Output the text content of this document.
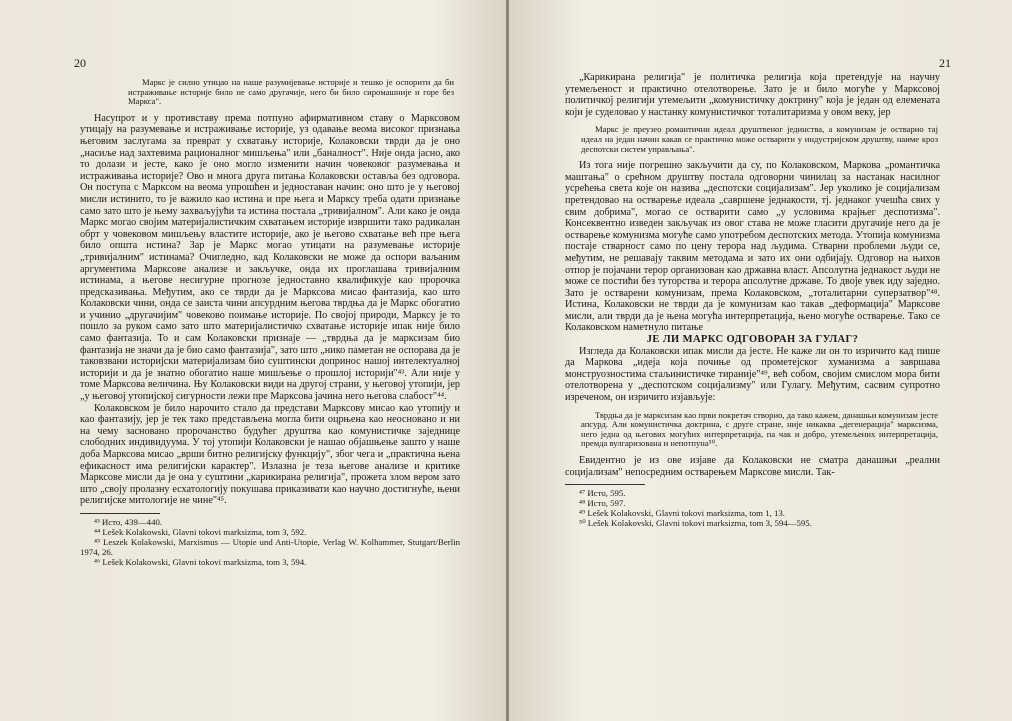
20

Маркс је силно утицао на наше разумијевање историје и тешко је оспорити да би истраживање историје било не само другачије, него би било сиромашније и горе без Маркса".

Насупрот и у противставу према потпуно афирмативном ставу о Марксовом утицају на разумевање и истраживање историје, уз одавање веома високог признања његовим заслугама за преврат у схватању историје, Колаковски тврди да је оно „насиље над захтевима рационалног мишљења" или „баналност". Није онда јасно, ако то долази и јесте, како је оно могло изменити начин човековог разумевања и истраживања историје? Ово и многа друга питања Колаковски оставља без одговора. Он поступа с Марксом на веома упрошћен и једноставан начин: оно што је у његовој мисли истинито, то је важило као истина и пре њега и Марксу треба одати признање само зато што је њему захваљујући та истина постала „тривијалном". Али како је онда Маркс могао својим материјалистичким схватањем историје извршити тако радикалан обрт у човековом мишљењу властите историје, ако је његово схватање већ пре њега било општа истина? Зар је Маркс могао утицати на разумевање историје „тривијалним" истинама? Очигледно, кад Колаковски не може да оспори ваљаним аргументима Марксове анализе и закључке, онда их проглашава тривијалним истинама, а његове несигурне прогнозе једноставно квалификује као пророчка предсказивања. Међутим, ако се тврди да је Марксова мисао фантазија, као што Колаковски чини, онда се заиста чини апсурдним његова тврдња да је Маркс обогатио и учинио „другачијим" човеково поимање историје. По својој природи, Марксу је то пошло за руком само зато што материјалистичко схватање историје ипак није било само фантазија. То и сам Колаковски признаје — „тврдња да је марксизам био фантазија не значи да је био само фантазија", зато што „нико паметан не оспорава да је таковзвани историјски материјализам био суштински допринос нашој интелектуалној историји и да је знатно обогатио наше мишљење о прошлој историји"⁴³. Али није у томе Марксова величина. Њу Колаковски види на другој страни, у његовој утопији, јер „у његовој утопијској сигурности лежи пре Марксова јачина него његова слабост"⁴⁴.

Колаковском је било нарочито стало да представи Марксову мисао као утопију и као фантазију, јер је тек тако представљена могла бити оцрњена као неосновано и ни на чему засновано пророчанство будућег друштва као комунистичке заједнице слободних индивидуума. У тој утопији Колаковски је нашао објашњење зашто у наше доба Марксова мисао „врши битно религијску функцију", због чега и „практична њена ефикасност има религијски карактер". Излазна је теза његове анализе и критике Марксове мисли да је она у суштини „карикирана религија", прожета злом вером зато што „своју пролазну есхатологију покушава приказивати као научно достигнуће, њени религијске митологије не чине"⁴⁵.

⁴³ Исто, 439—440.

⁴⁴ Lešek Kolakowski, Glavni tokovi marksizma, tom 3, 592.

⁴⁵ Leszek Kolakowski, Marxismus — Utopie und Anti-Utopie, Verlag W. Kolhammer, Stutgart/Berlin 1974, 26.

⁴⁶ Lešek Kolakowski, Glavni tokovi marksizma, tom 3, 594.

21

„Карикирана религија" је политичка религија која претендује на научну утемељеност и практично отелотворење. Зато је и било могуће у Марксовој политичкој религији утемељити „комунистичку доктрину" која је један од елемената који је суделовао у настанку комунистичког тоталитаризма у овом веку, јер

Маркс је преузео романтични идеал друштвеног јединства, а комунизам је остварио тај идеал на један начин какав се практично може остварити у индустријском друштву, наиме кроз деспотски систем управљања".

Из тога није погрешно закључити да су, по Колаковском, Маркова „романтичка маштања" о срећном друштву постала одговорни чинилац за настанак насилног усрећења света које он назива „деспотски социјализам". Јер уколико је социјализам претендовао на остварење идеала „савршене једнакости, тј. једнаког учешћа свих у свим добрима", могао се остварити само „у условима крајњег деспотизма". Консеквентно изведен закључак из овог става не може гласити другачије него да је остварење комунизма могуће само употребом деспотских метода. Утопија комунизма постаје стварност само по цену терора над људима. Стварни проблеми људи се, међутим, не решавају таквим методама и зато их они одбијају. Одговор на њихов отпор је појачани терор организован као државна власт. Апсолутна једнакост људи не може се постићи без туторства и терора апсолутне државе. То двоје увек иду заједно. Зато је остварени комунизам, према Колаковском, „тоталитарни суперзатвор"⁴⁸. Истина, Колаковски не тврди да је комунизам као такав „деформација" Марксове мисли, али тврди да је њена могућа интерпретација, њено могуће остварење. Тако се Колаковском наметнуло питање

ЈЕ ЛИ МАРКС ОДГОВОРАН ЗА ГУЛАГ?

Изгледа да Колаковски ипак мисли да јесте. Не каже ли он то изричито кад пише да Маркова „идеја која почиње од прометејског хуманизма а завршава монструозностима стаљинистичке тираније"⁴⁹, већ собом, својим смислом мора бити отелотворена у „деспотском социјализму" или Гулагу. Међутим, сасвим супротно изреченом, он изричито изјављује:

Тврдња да је марксизам као први покретач створио, да тако кажем, данашњи комунизам јесте апсурд. Али комунистичка доктрина, с друге стране, није никаква „дегенерација" марксизма, него једна од његових могућих интерпретација, па чак и добро, утемељених интерпретација, премда вулгаризована и непотпуна⁵⁰.

Евидентно је из ове изјаве да Колаковски не сматра данашњи „реални социјализам" непосредним остварењем Марксове мисли. Так-

⁴⁷ Исто, 595.

⁴⁸ Исто, 597.

⁴⁹ Lešek Kolakovski, Glavni tokovi marksizma, tom 1, 13.

⁵⁰ Lešek Kolakovski, Glavni tokovi marksizma, tom 3, 594—595.
